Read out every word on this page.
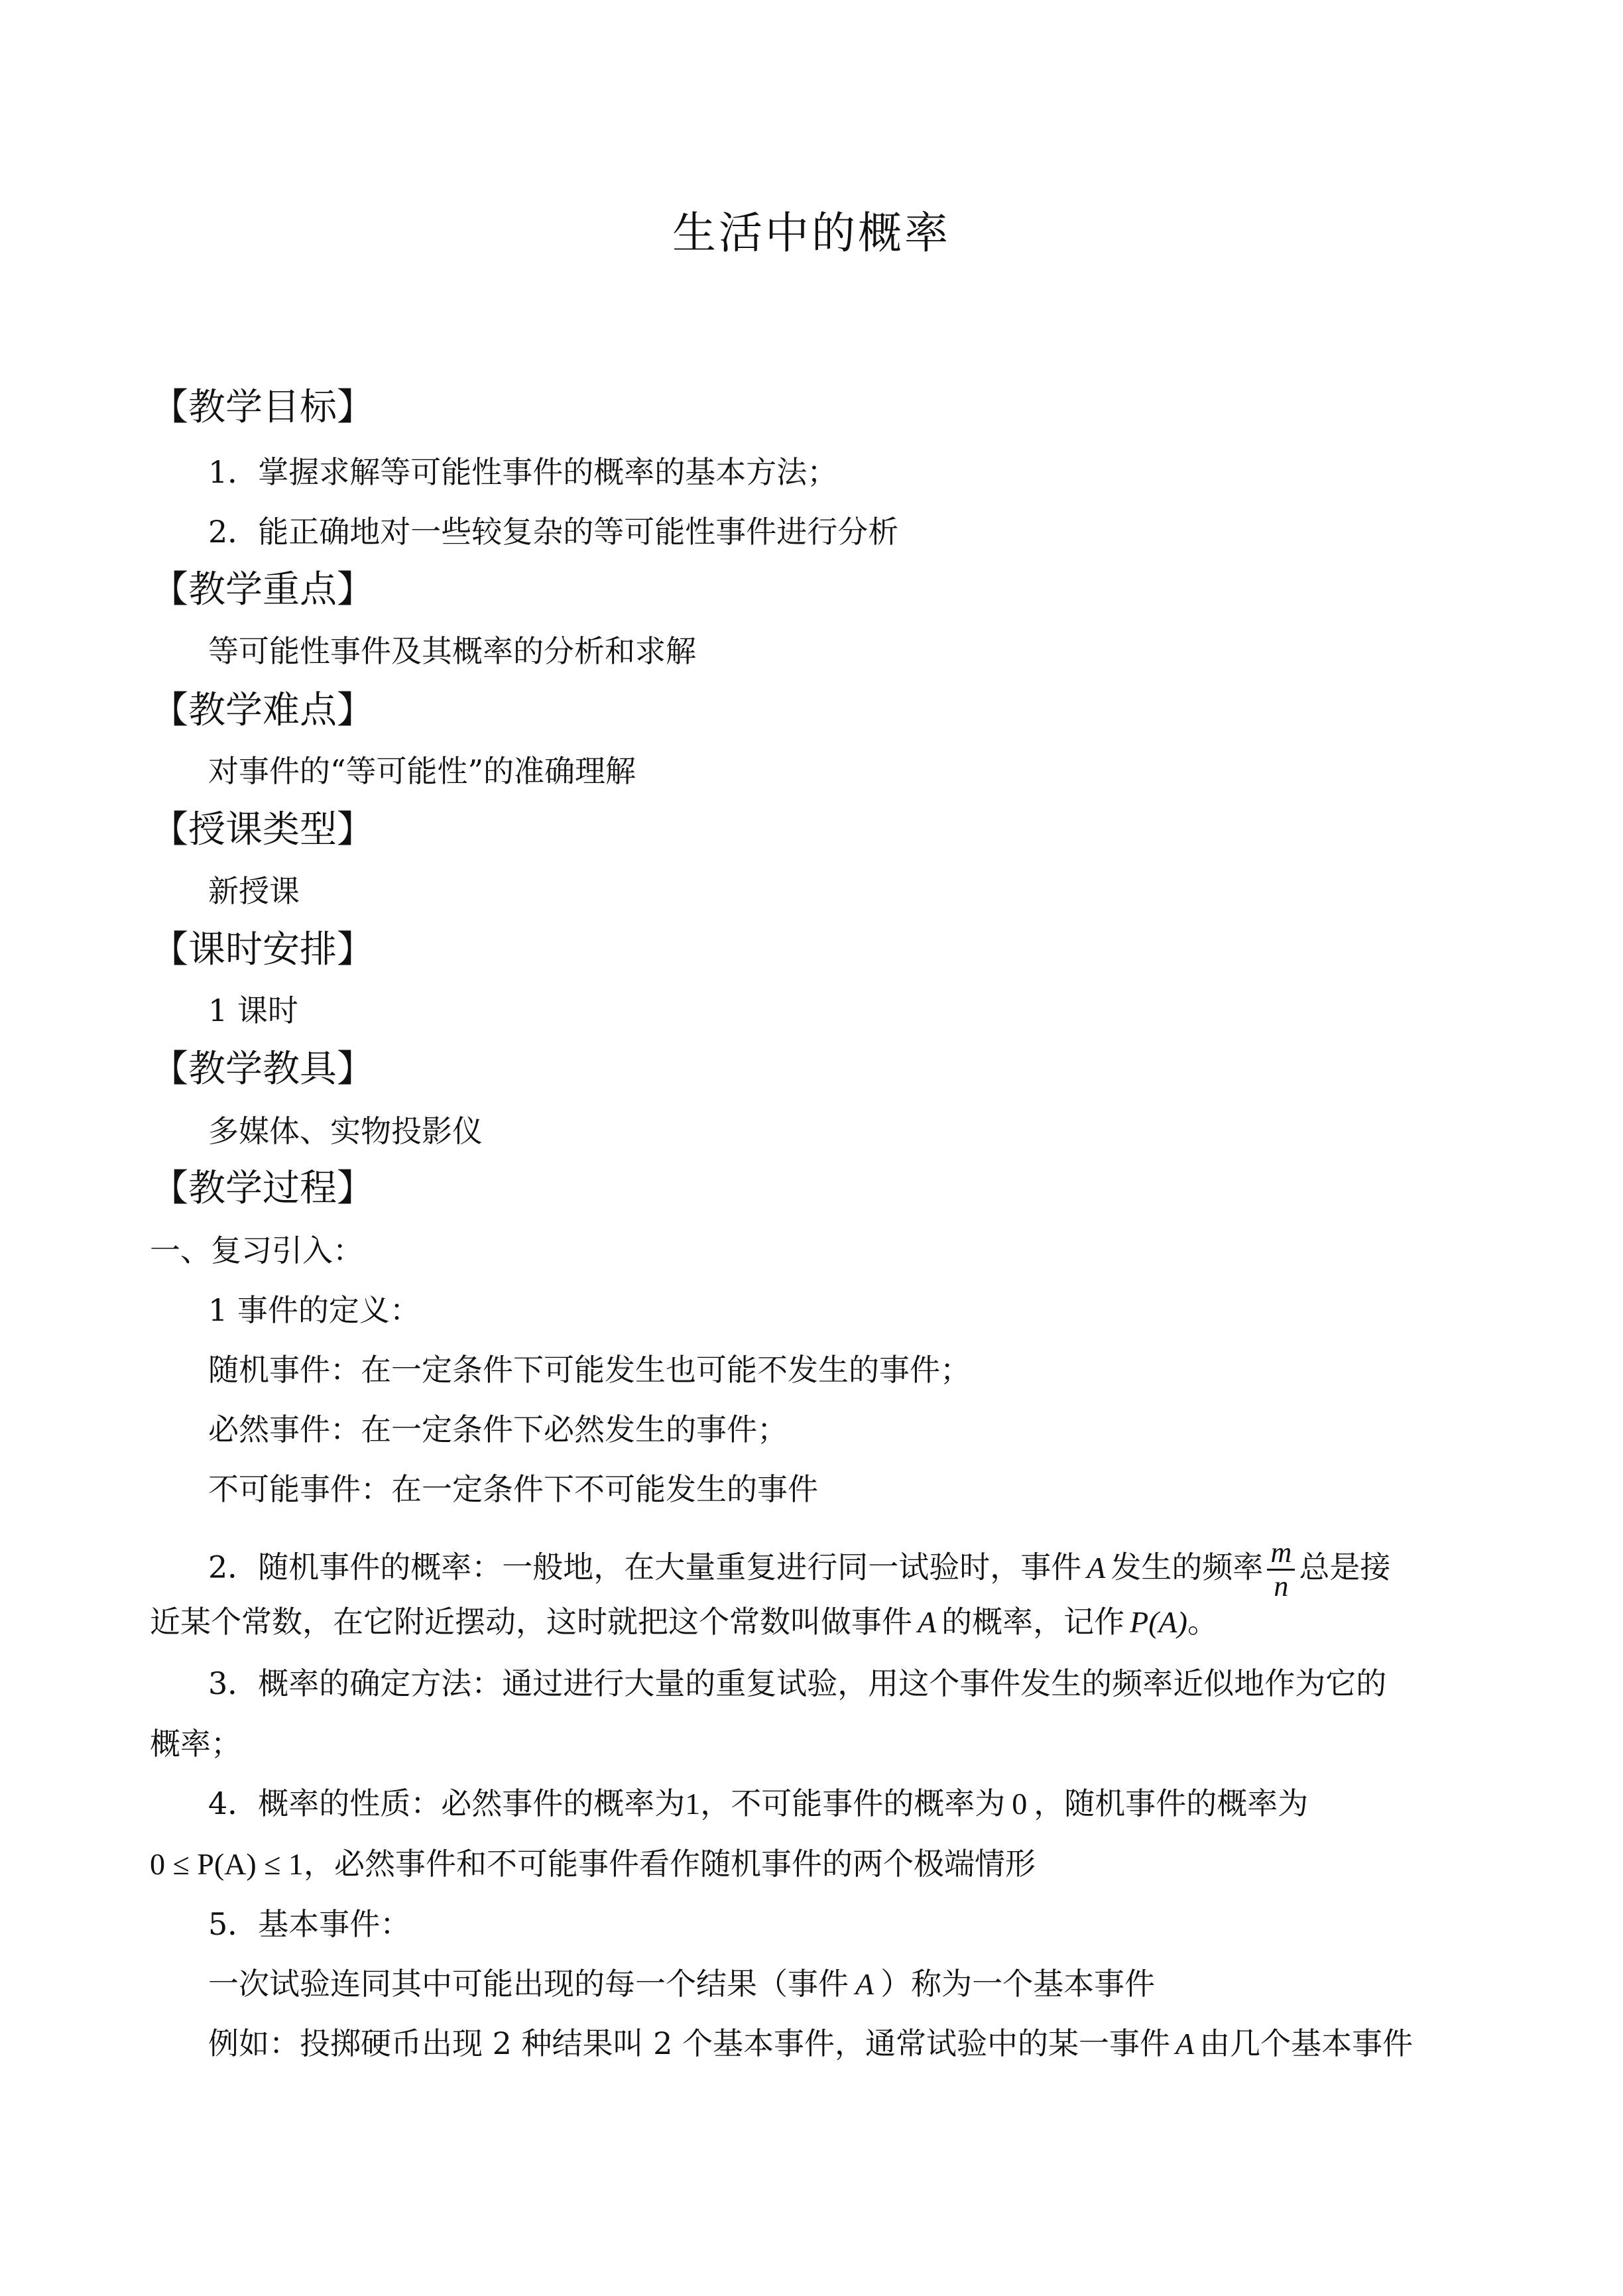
生活中的概率
【教学目标】
1．掌握求解等可能性事件的概率的基本方法；
2．能正确地对一些较复杂的等可能性事件进行分析
【教学重点】
等可能性事件及其概率的分析和求解
【教学难点】
对事件的“等可能性”的准确理解
【授课类型】
新授课
【课时安排】
1 课时
【教学教具】
多媒体、实物投影仪
【教学过程】
一、复习引入：
1 事件的定义：
随机事件：在一定条件下可能发生也可能不发生的事件；
必然事件：在一定条件下必然发生的事件；
不可能事件：在一定条件下不可能发生的事件
2．随机事件的概率：一般地，在大量重复进行同一试验时，事件 A 发生的频率 $\frac{m}{n}$ 总是接
近某个常数，在它附近摆动，这时就把这个常数叫做事件 A 的概率，记作 P(A)。
3．概率的确定方法：通过进行大量的重复试验，用这个事件发生的频率近似地作为它的
概率；
4．概率的性质：必然事件的概率为1，不可能事件的概率为 0 ，随机事件的概率为
0 ≤ P(A) ≤ 1，必然事件和不可能事件看作随机事件的两个极端情形
5．基本事件：
一次试验连同其中可能出现的每一个结果（事件 A ）称为一个基本事件
例如：投掷硬币出现 2 种结果叫 2 个基本事件，通常试验中的某一事件 A 由几个基本事件
